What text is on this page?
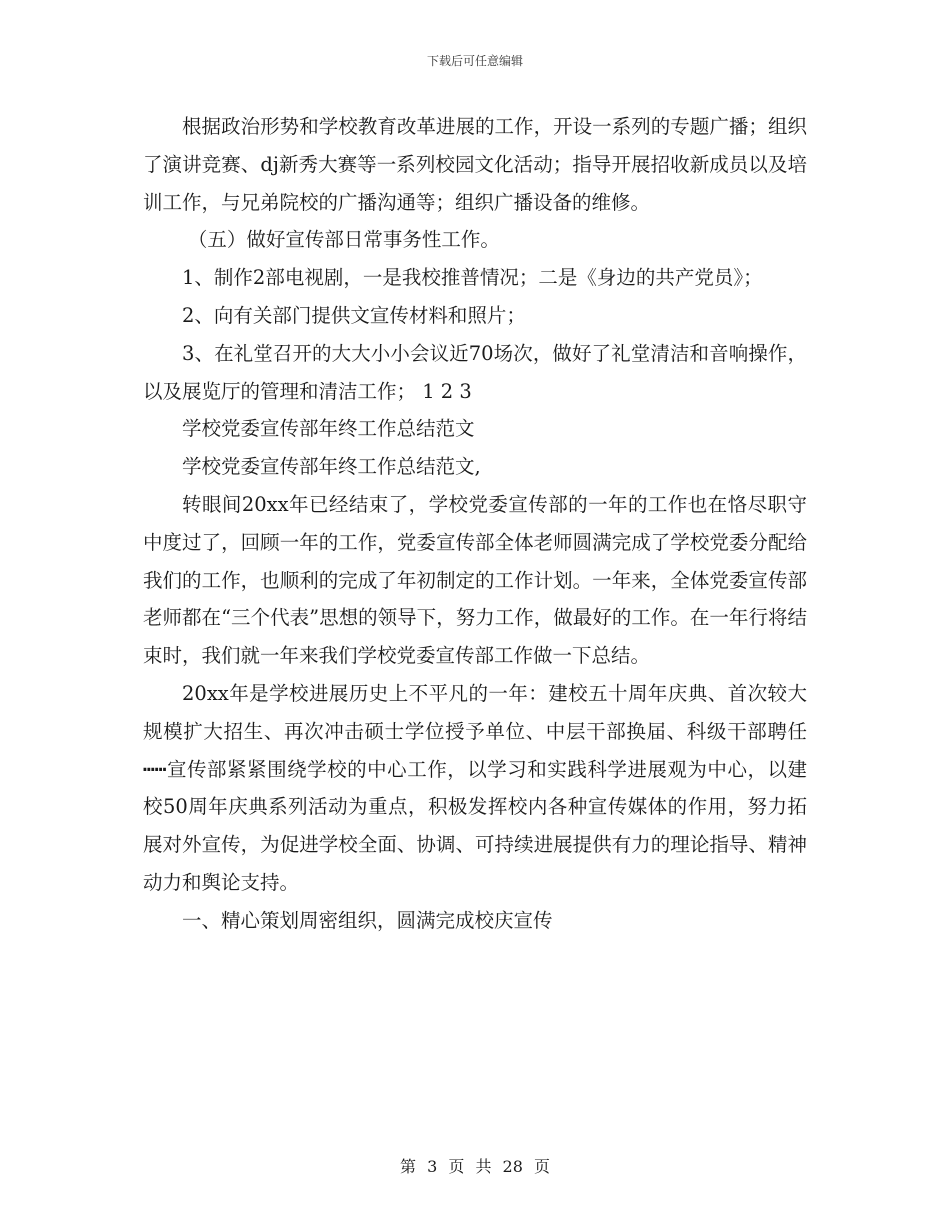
下载后可任意编辑

根据政治形势和学校教育改革进展的工作，开设一系列的专题广播；组织了演讲竞赛、dj新秀大赛等一系列校园文化活动；指导开展招收新成员以及培训工作，与兄弟院校的广播沟通等；组织广播设备的维修。

（五）做好宣传部日常事务性工作。

1、制作2部电视剧，一是我校推普情况；二是《身边的共产党员》；

2、向有关部门提供文宣传材料和照片；

3、在礼堂召开的大大小小会议近70场次，做好了礼堂清洁和音响操作，以及展览厅的管理和清洁工作； 1 2 3

学校党委宣传部年终工作总结范文

学校党委宣传部年终工作总结范文,

转眼间20xx年已经结束了，学校党委宣传部的一年的工作也在恪尽职守中度过了，回顾一年的工作，党委宣传部全体老师圆满完成了学校党委分配给我们的工作，也顺利的完成了年初制定的工作计划。一年来，全体党委宣传部老师都在“三个代表”思想的领导下，努力工作，做最好的工作。在一年行将结束时，我们就一年来我们学校党委宣传部工作做一下总结。

20xx年是学校进展历史上不平凡的一年：建校五十周年庆典、首次较大规模扩大招生、再次冲击硕士学位授予单位、中层干部换届、科级干部聘任┅┅宣传部紧紧围绕学校的中心工作，以学习和实践科学进展观为中心，以建校50周年庆典系列活动为重点，积极发挥校内各种宣传媒体的作用，努力拓展对外宣传，为促进学校全面、协调、可持续进展提供有力的理论指导、精神动力和舆论支持。

一、精心策划周密组织，圆满完成校庆宣传

第 3 页 共 28 页
